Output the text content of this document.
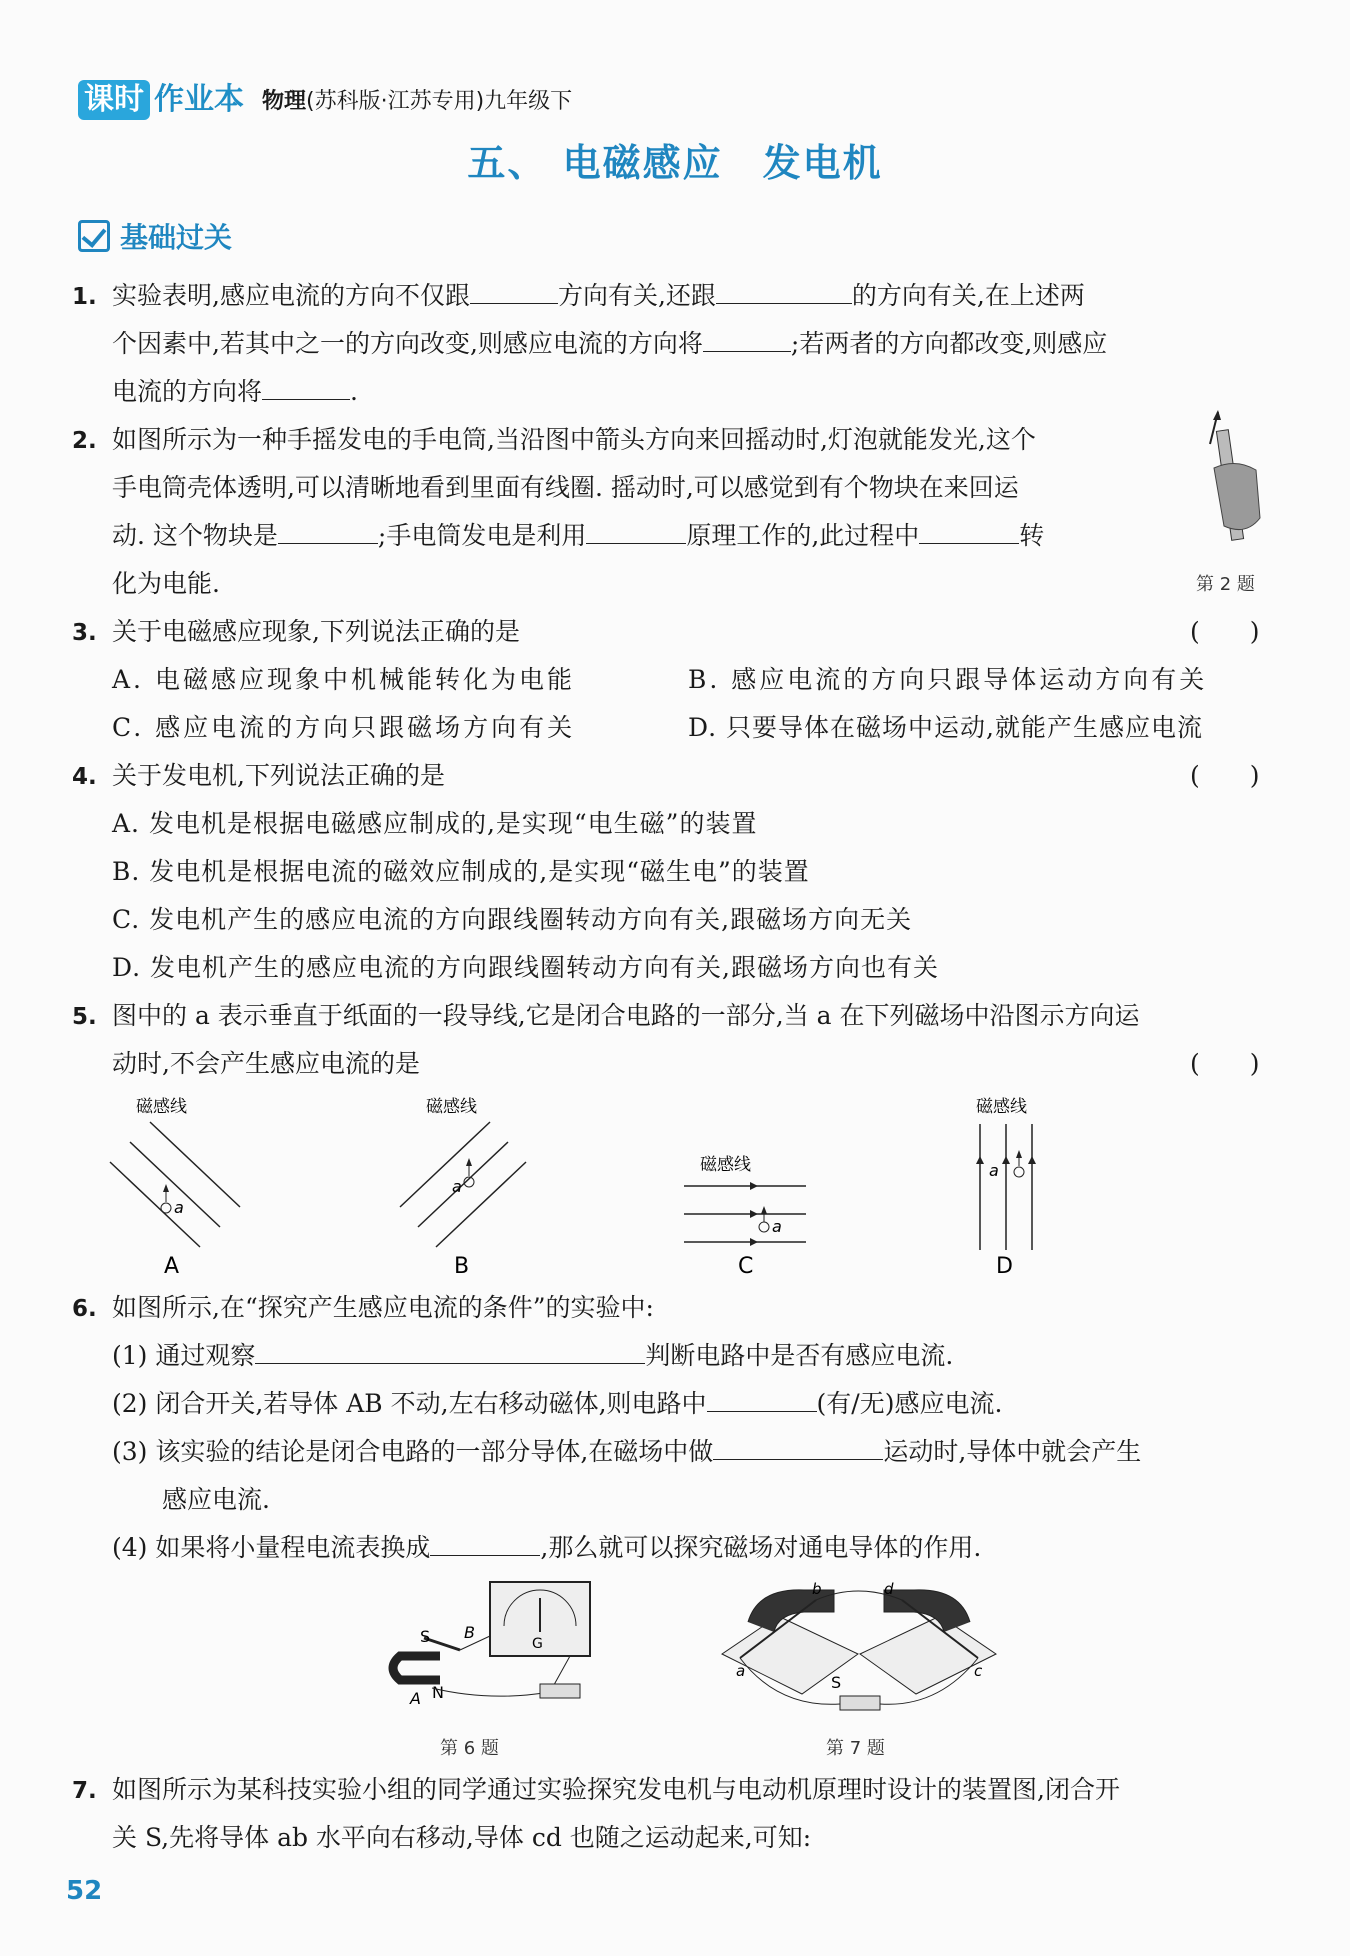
课时 作业本 物理(苏科版·江苏专用)九年级下
五、 电磁感应　发电机
基础过关
1. 实验表明,感应电流的方向不仅跟	方向有关,还跟	的方向有关,在上述两
个因素中,若其中之一的方向改变,则感应电流的方向将	;若两者的方向都改变,则感应
电流的方向将	.
2. 如图所示为一种手摇发电的手电筒,当沿图中箭头方向来回摇动时,灯泡就能发光,这个
手电筒壳体透明,可以清晰地看到里面有线圈. 摇动时,可以感觉到有个物块在来回运
动. 这个物块是	;手电筒发电是利用	原理工作的,此过程中	转
化为电能.	第 2 题
3. 关于电磁感应现象,下列说法正确的是	(　　)
A. 电磁感应现象中机械能转化为电能	B. 感应电流的方向只跟导体运动方向有关
C. 感应电流的方向只跟磁场方向有关	D. 只要导体在磁场中运动,就能产生感应电流
4. 关于发电机,下列说法正确的是	(　　)
A. 发电机是根据电磁感应制成的,是实现“电生磁”的装置
B. 发电机是根据电流的磁效应制成的,是实现“磁生电”的装置
C. 发电机产生的感应电流的方向跟线圈转动方向有关,跟磁场方向无关
D. 发电机产生的感应电流的方向跟线圈转动方向有关,跟磁场方向也有关
5. 图中的 a 表示垂直于纸面的一段导线,它是闭合电路的一部分,当 a 在下列磁场中沿图示方向运
动时,不会产生感应电流的是	(　　)
磁感线
a
A
磁感线
a
B
磁感线
a
C
磁感线
a
D
6. 如图所示,在“探究产生感应电流的条件”的实验中:
(1) 通过观察	判断电路中是否有感应电流.
(2) 闭合开关,若导体 AB 不动,左右移动磁体,则电路中	(有/无)感应电流.
(3) 该实验的结论是闭合电路的一部分导体,在磁场中做	运动时,导体中就会产生
感应电流.
(4) 如果将小量程电流表换成	,那么就可以探究磁场对通电导体的作用.
G
S B
A N
第 6 题
a
b
c
d
S
第 7 题
7. 如图所示为某科技实验小组的同学通过实验探究发电机与电动机原理时设计的装置图,闭合开
关 S,先将导体 ab 水平向右移动,导体 cd 也随之运动起来,可知:
52
